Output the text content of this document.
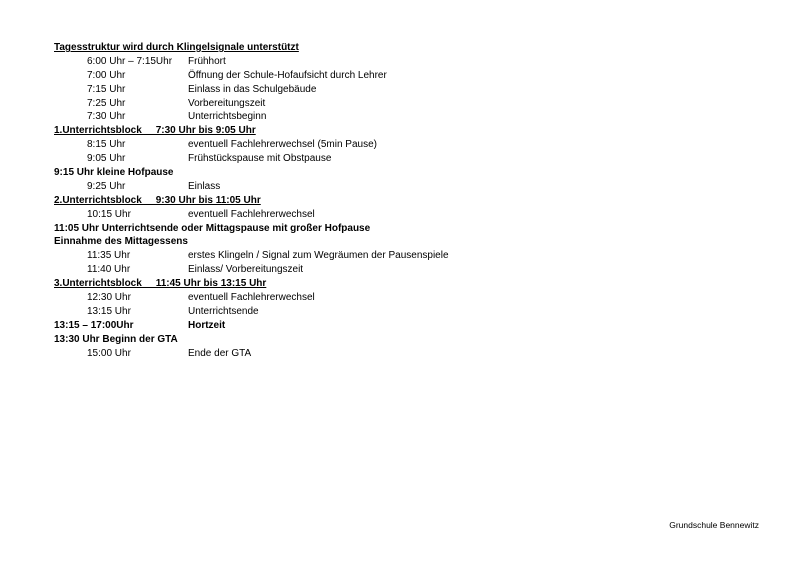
Tagesstruktur wird durch Klingelsignale unterstützt
6:00 Uhr – 7:15Uhr Frühhort
7:00 Uhr	Öffnung der Schule-Hofaufsicht durch Lehrer
7:15 Uhr	Einlass in das Schulgebäude
7:25 Uhr	Vorbereitungszeit
7:30 Uhr	Unterrichtsbeginn
1.Unterrichtsblock     7:30 Uhr bis 9:05 Uhr
8:15 Uhr	eventuell Fachlehrerwechsel (5min Pause)
9:05 Uhr	Frühstückspause mit Obstpause
9:15 Uhr kleine Hofpause
9:25 Uhr	Einlass
2.Unterrichtsblock     9:30 Uhr bis 11:05 Uhr
10:15 Uhr	eventuell Fachlehrerwechsel
11:05 Uhr Unterrichtsende oder Mittagspause mit großer Hofpause
Einnahme des Mittagessens
11:35 Uhr	erstes Klingeln / Signal zum Wegräumen der Pausenspiele
11:40 Uhr	Einlass/ Vorbereitungszeit
3.Unterrichtsblock     11:45 Uhr bis 13:15 Uhr
12:30 Uhr	eventuell Fachlehrerwechsel
13:15 Uhr	Unterrichtsende
13:15 – 17:00Uhr	Hortzeit
13:30 Uhr Beginn der GTA
15:00 Uhr	Ende der GTA
Grundschule Bennewitz
